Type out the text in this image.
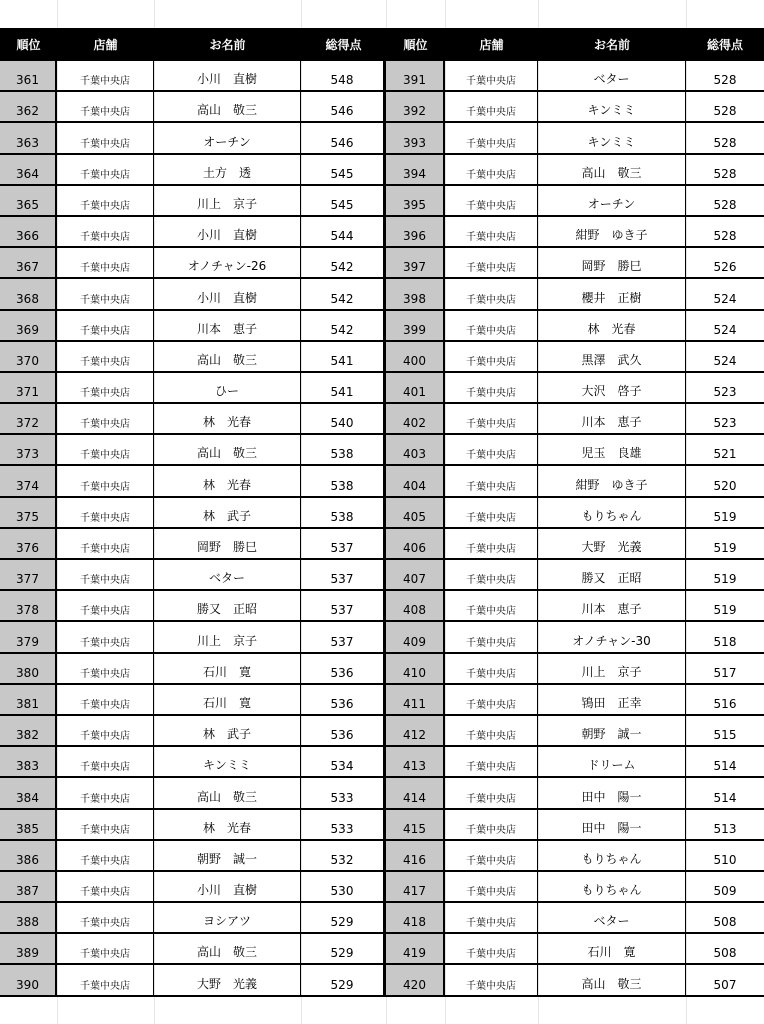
順位	店舗	お名前	総得点	順位	店舗	お名前	総得点
361	千葉中央店	小川　直樹	548	391	千葉中央店	ベター	528
362	千葉中央店	高山　敬三	546	392	千葉中央店	キンミミ	528
363	千葉中央店	オーチン	546	393	千葉中央店	キンミミ	528
364	千葉中央店	土方　透	545	394	千葉中央店	高山　敬三	528
365	千葉中央店	川上　京子	545	395	千葉中央店	オーチン	528
366	千葉中央店	小川　直樹	544	396	千葉中央店	紺野　ゆき子	528
367	千葉中央店	オノチャン-26	542	397	千葉中央店	岡野　勝巳	526
368	千葉中央店	小川　直樹	542	398	千葉中央店	櫻井　正樹	524
369	千葉中央店	川本　恵子	542	399	千葉中央店	林　光春	524
370	千葉中央店	高山　敬三	541	400	千葉中央店	黒澤　武久	524
371	千葉中央店	ひー	541	401	千葉中央店	大沢　啓子	523
372	千葉中央店	林　光春	540	402	千葉中央店	川本　恵子	523
373	千葉中央店	高山　敬三	538	403	千葉中央店	児玉　良雄	521
374	千葉中央店	林　光春	538	404	千葉中央店	紺野　ゆき子	520
375	千葉中央店	林　武子	538	405	千葉中央店	もりちゃん	519
376	千葉中央店	岡野　勝巳	537	406	千葉中央店	大野　光義	519
377	千葉中央店	ベター	537	407	千葉中央店	勝又　正昭	519
378	千葉中央店	勝又　正昭	537	408	千葉中央店	川本　恵子	519
379	千葉中央店	川上　京子	537	409	千葉中央店	オノチャン-30	518
380	千葉中央店	石川　寛	536	410	千葉中央店	川上　京子	517
381	千葉中央店	石川　寛	536	411	千葉中央店	鴇田　正幸	516
382	千葉中央店	林　武子	536	412	千葉中央店	朝野　誠一	515
383	千葉中央店	キンミミ	534	413	千葉中央店	ドリーム	514
384	千葉中央店	高山　敬三	533	414	千葉中央店	田中　陽一	514
385	千葉中央店	林　光春	533	415	千葉中央店	田中　陽一	513
386	千葉中央店	朝野　誠一	532	416	千葉中央店	もりちゃん	510
387	千葉中央店	小川　直樹	530	417	千葉中央店	もりちゃん	509
388	千葉中央店	ヨシアツ	529	418	千葉中央店	ベター	508
389	千葉中央店	高山　敬三	529	419	千葉中央店	石川　寛	508
390	千葉中央店	大野　光義	529	420	千葉中央店	高山　敬三	507
